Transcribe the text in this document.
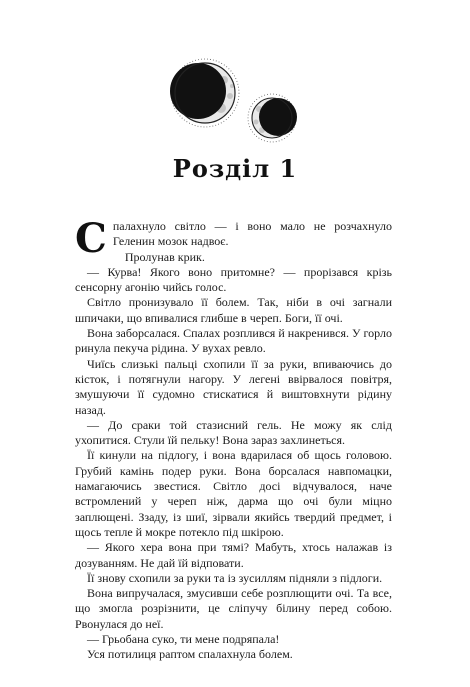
Розділ 1

Спалахнуло світло — і воно мало не розчахнуло Геленин мозок надвоє.

Пролунав крик.

— Курва! Якого воно притомне? — прорізався крізь сенсорну агонію чийсь голос.

Світло пронизувало її болем. Так, ніби в очі загнали шпичаки, що впивалися глибше в череп. Боги, її очі.

Вона заборсалася. Спалах розплився й накренився. У горло ринула пекуча рідина. У вухах ревло.

Чиїсь слизькі пальці схопили її за руки, впиваючись до кісток, і потягнули нагору. У легені ввірвалося повітря, змушуючи її судомно стискатися й виштовхнути рідину назад.

— До сраки той стазисний гель. Не можу як слід ухопитися. Стули їй пельку! Вона зараз захлинеться.

Її кинули на підлогу, і вона вдарилася об щось головою. Грубий камінь подер руки. Вона борсалася навпомацки, намагаючись звестися. Світло досі відчувалося, наче встромлений у череп ніж, дарма що очі були міцно заплющені. Ззаду, із шиї, зірвали якийсь твердий предмет, і щось тепле й мокре потекло під шкірою.

— Якого хера вона при тямі? Мабуть, хтось налажав із дозуванням. Не дай їй відповати.

Її знову схопили за руки та із зусиллям підняли з підлоги.

Вона випручалася, змусивши себе розплющити очі. Та все, що змогла розрізнити, це сліпучу білину перед собою. Рвонулася до неї.

— Грьобана суко, ти мене подряпала!

Уся потилиця раптом спалахнула болем.
